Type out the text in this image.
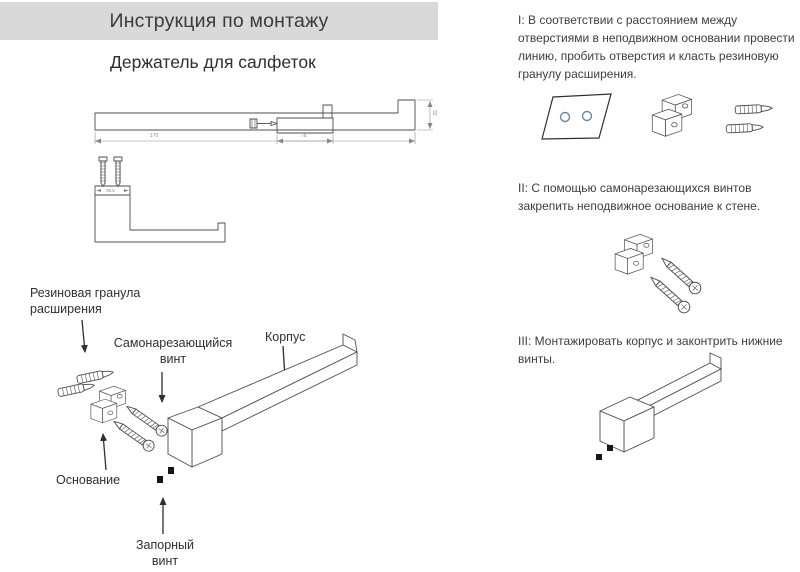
Инструкция по монтажу
Держатель для салфеток
170
32
78
38.5
Резиновая гранула расширения
Самонарезающийся винт
Корпус
Основание
Запорный винт
I: В соответствии с расстоянием между отверстиями в неподвижном основании провести линию, пробить отверстия и класть резиновую гранулу расширения.
II: С помощью самонарезающихся винтов закрепить неподвижное основание к стене.
III: Монтажировать корпус и законтрить нижние винты.
